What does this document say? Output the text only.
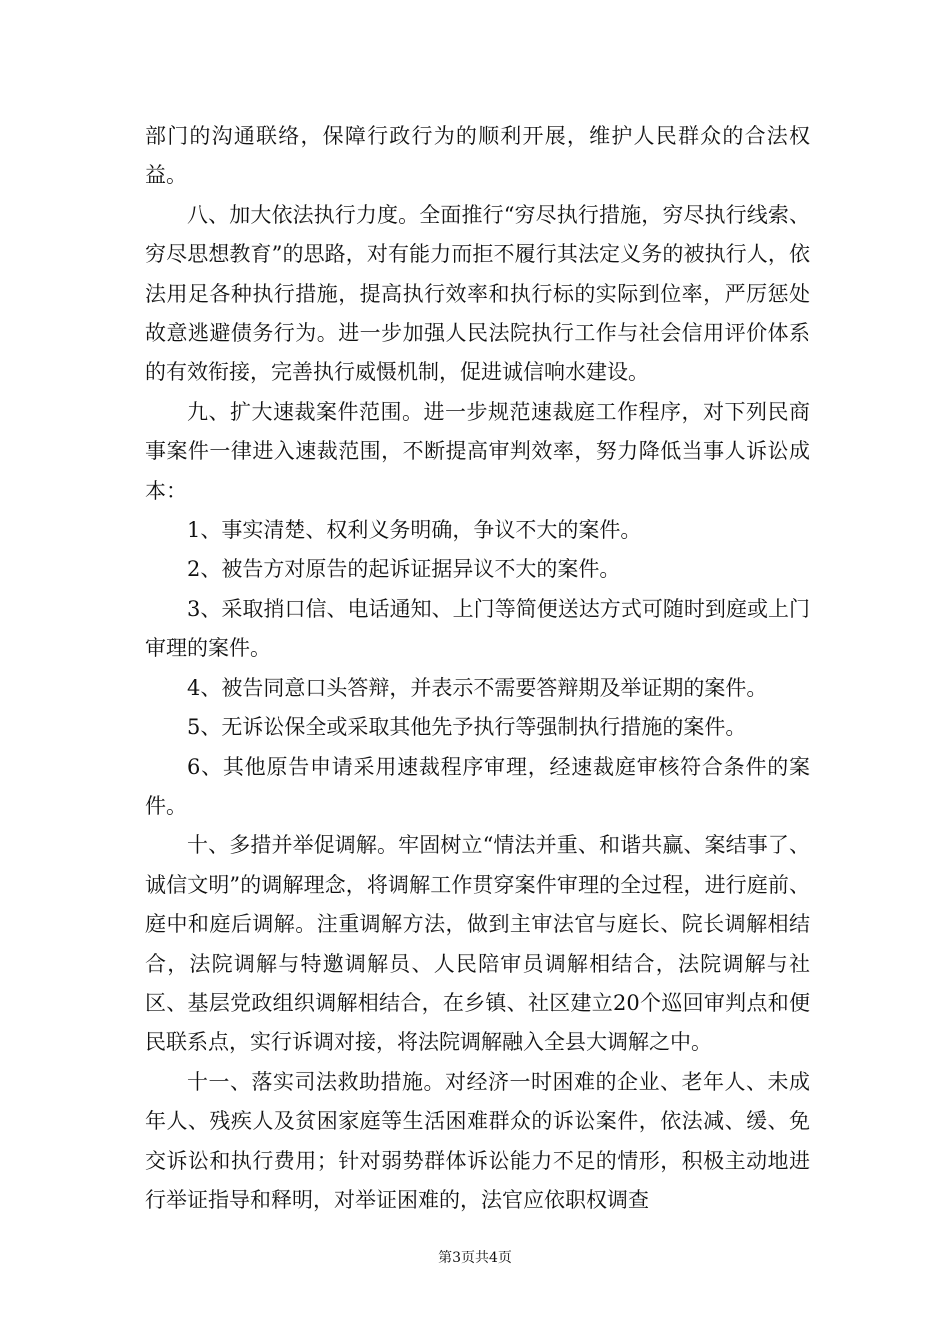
部门的沟通联络，保障行政行为的顺利开展，维护人民群众的合法权益。

八、加大依法执行力度。全面推行“穷尽执行措施，穷尽执行线索、穷尽思想教育”的思路，对有能力而拒不履行其法定义务的被执行人，依法用足各种执行措施，提高执行效率和执行标的实际到位率，严厉惩处故意逃避债务行为。进一步加强人民法院执行工作与社会信用评价体系的有效衔接，完善执行威慑机制，促进诚信响水建设。

九、扩大速裁案件范围。进一步规范速裁庭工作程序，对下列民商事案件一律进入速裁范围，不断提高审判效率，努力降低当事人诉讼成本：

1、事实清楚、权利义务明确，争议不大的案件。

2、被告方对原告的起诉证据异议不大的案件。

3、采取捎口信、电话通知、上门等简便送达方式可随时到庭或上门审理的案件。

4、被告同意口头答辩，并表示不需要答辩期及举证期的案件。

5、无诉讼保全或采取其他先予执行等强制执行措施的案件。

6、其他原告申请采用速裁程序审理，经速裁庭审核符合条件的案件。

十、多措并举促调解。牢固树立“情法并重、和谐共赢、案结事了、诚信文明”的调解理念，将调解工作贯穿案件审理的全过程，进行庭前、庭中和庭后调解。注重调解方法，做到主审法官与庭长、院长调解相结合，法院调解与特邀调解员、人民陪审员调解相结合，法院调解与社区、基层党政组织调解相结合，在乡镇、社区建立20个巡回审判点和便民联系点，实行诉调对接，将法院调解融入全县大调解之中。

十一、落实司法救助措施。对经济一时困难的企业、老年人、未成年人、残疾人及贫困家庭等生活困难群众的诉讼案件，依法减、缓、免交诉讼和执行费用；针对弱势群体诉讼能力不足的情形，积极主动地进行举证指导和释明，对举证困难的，法官应依职权调查

第3页共4页
